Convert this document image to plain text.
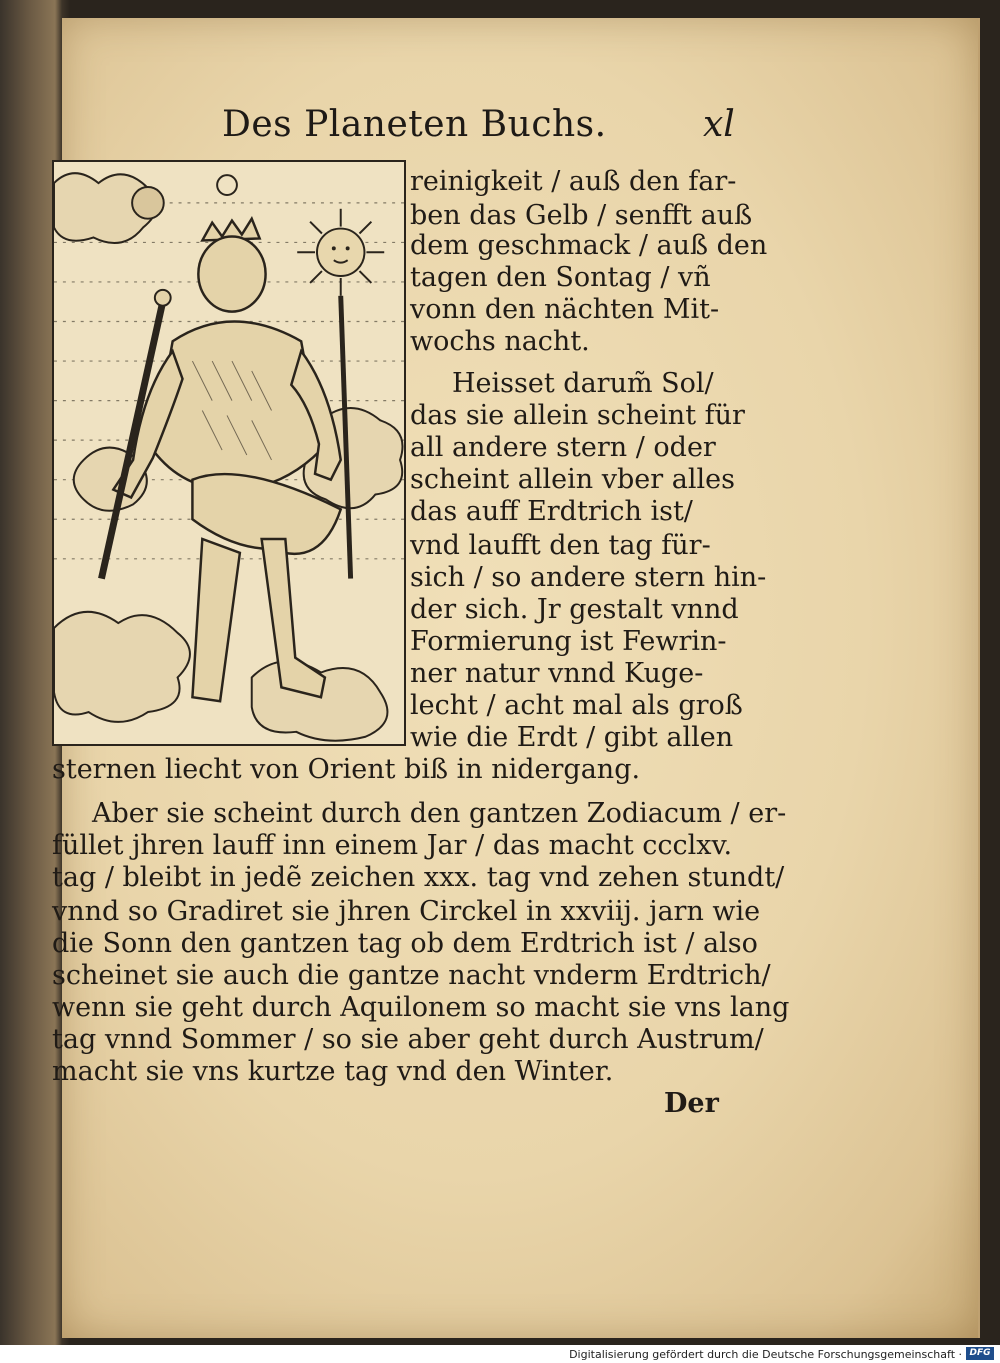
Des Planeten Buchs.	xl
reinigkeit / auß den far-
ben das Gelb / senfft auß
dem geschmack / auß den
tagen den Sontag / vñ
vonn den nächten Mit-
wochs nacht.
Heisset darum̃ Sol/
das sie allein scheint für
all andere stern / oder
scheint allein vber alles
das auff Erdtrich ist/
vnd laufft den tag für-
sich / so andere stern hin-
der sich. Jr gestalt vnnd
Formierung ist Fewrin-
ner natur vnnd Kuge-
lecht / acht mal als groß
wie die Erdt / gibt allen
sternen liecht von Orient biß in nidergang.
Aber sie scheint durch den gantzen Zodiacum / er-
füllet jhren lauff inn einem Jar / das macht ccclxv.
tag / bleibt in jedẽ zeichen xxx. tag vnd zehen stundt/
vnnd so Gradiret sie jhren Circkel in xxviij. jarn wie
die Sonn den gantzen tag ob dem Erdtrich ist / also
scheinet sie auch die gantze nacht vnderm Erdtrich/
wenn sie geht durch Aquilonem so macht sie vns lang
tag vnnd Sommer / so sie aber geht durch Austrum/
macht sie vns kurtze tag vnd den Winter.
Der
Digitalisierung gefördert durch die Deutsche Forschungsgemeinschaft · DFG
